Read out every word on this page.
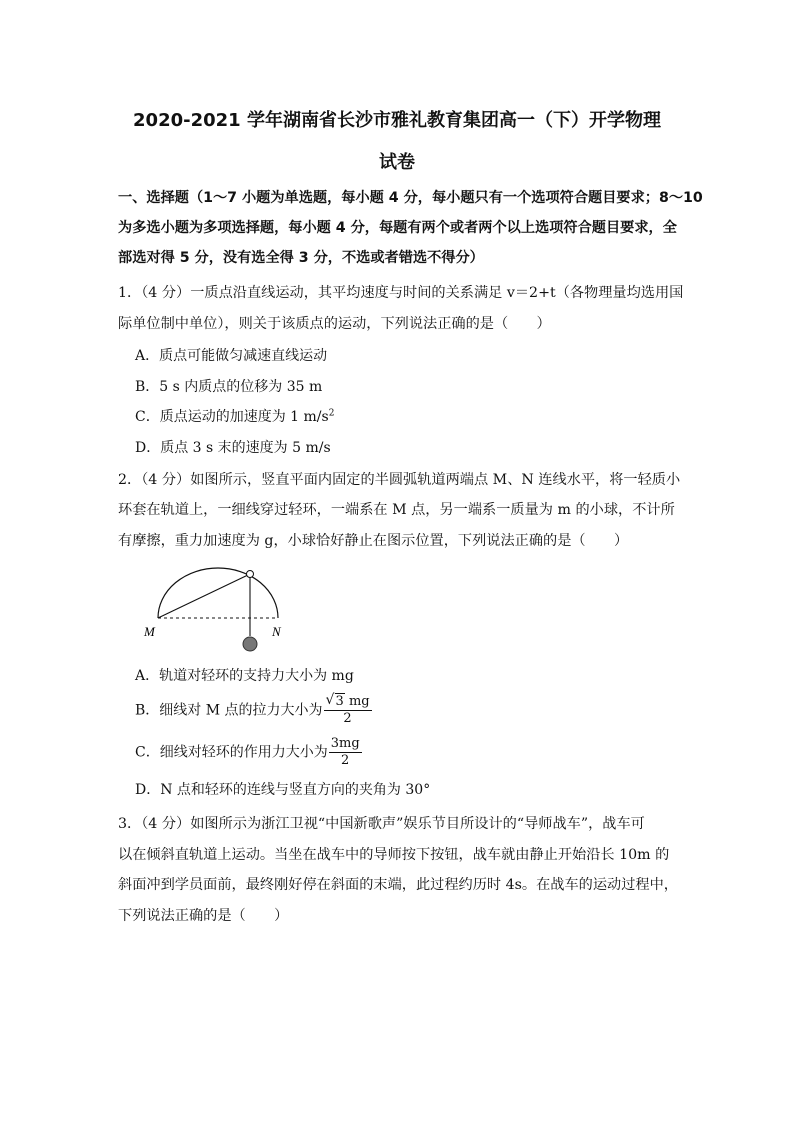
2020-2021 学年湖南省长沙市雅礼教育集团高一（下）开学物理
试卷
一、选择题（1～7 小题为单选题，每小题 4 分，每小题只有一个选项符合题目要求；8～10
为多选小题为多项选择题，每小题 4 分，每题有两个或者两个以上选项符合题目要求，全
部选对得 5 分，没有选全得 3 分，不选或者错选不得分）
1．（4 分）一质点沿直线运动，其平均速度与时间的关系满足 v＝2+t（各物理量均选用国
际单位制中单位），则关于该质点的运动，下列说法正确的是（　　）
A．质点可能做匀减速直线运动
B．5 s 内质点的位移为 35 m
C．质点运动的加速度为 1 $m/s^2$
D．质点 3 s 末的速度为 5 m/s
2．（4 分）如图所示，竖直平面内固定的半圆弧轨道两端点 M、N 连线水平，将一轻质小
环套在轨道上，一细线穿过轻环，一端系在 M 点，另一端系一质量为 m 的小球，不计所
有摩擦，重力加速度为 g，小球恰好静止在图示位置，下列说法正确的是（　　）
M	N
A．轨道对轻环的支持力大小为 mg
B．细线对 M 点的拉力大小为 $\frac{√ 3 mg}{2}$
C．细线对轻环的作用力大小为 $\frac{3mg}{2}$
D．N 点和轻环的连线与竖直方向的夹角为 30°
3．（4 分）如图所示为浙江卫视“中国新歌声”娱乐节目所设计的“导师战车”，战车可
以在倾斜直轨道上运动。当坐在战车中的导师按下按钮，战车就由静止开始沿长 10m 的
斜面冲到学员面前，最终刚好停在斜面的末端，此过程约历时 4s。在战车的运动过程中，
下列说法正确的是（　　）
